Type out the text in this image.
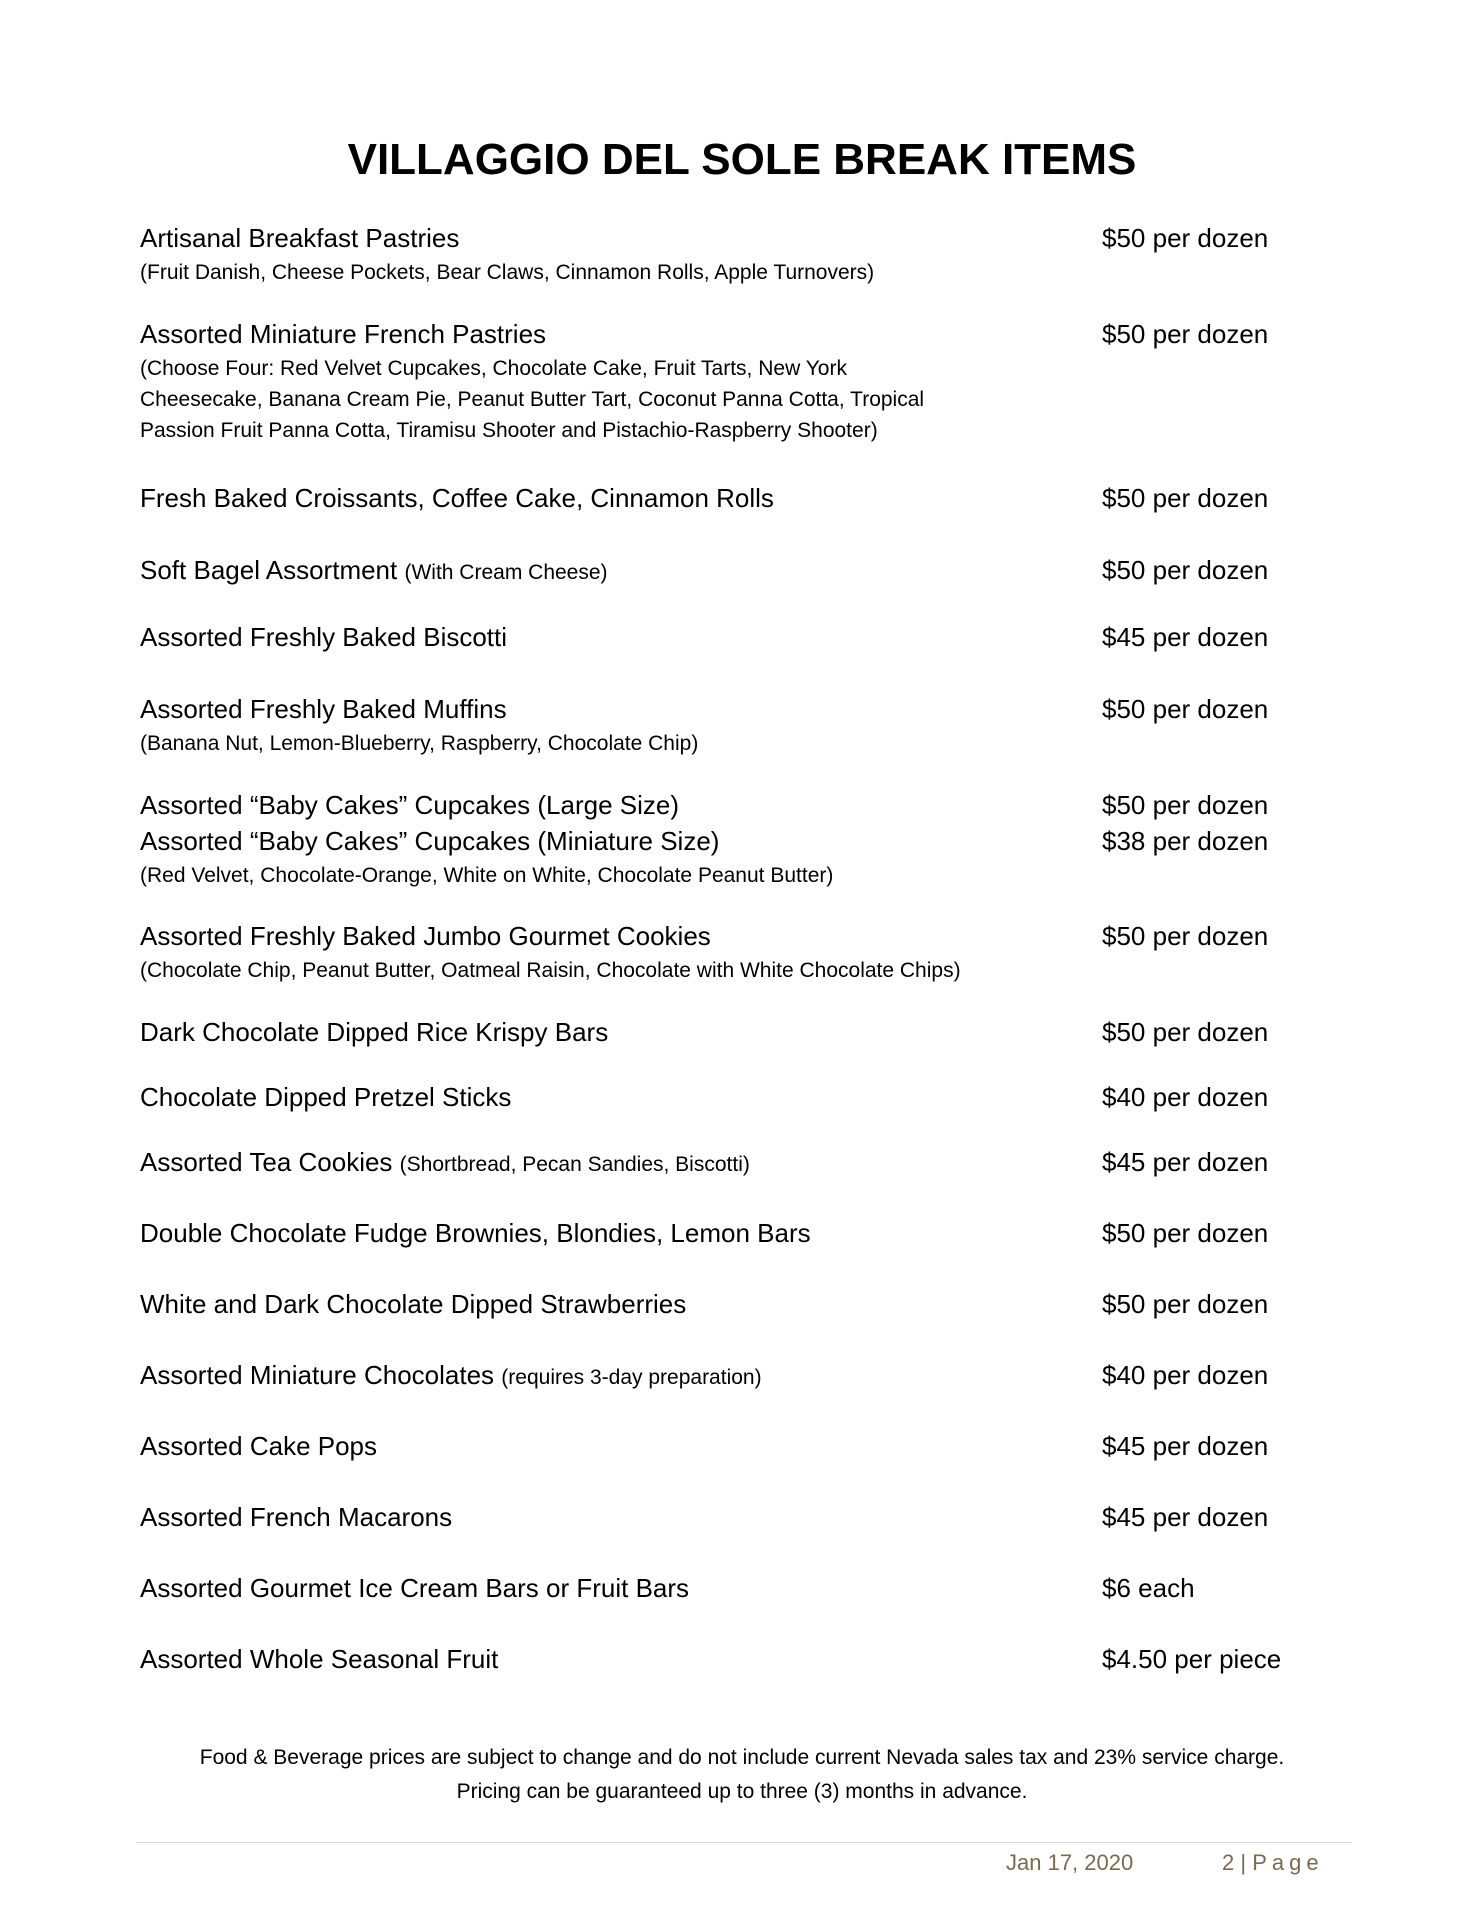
VILLAGGIO DEL SOLE BREAK ITEMS
Artisanal Breakfast Pastries	$50 per dozen
(Fruit Danish, Cheese Pockets, Bear Claws, Cinnamon Rolls, Apple Turnovers)
Assorted Miniature French Pastries	$50 per dozen
(Choose Four: Red Velvet Cupcakes, Chocolate Cake, Fruit Tarts, New York
Cheesecake, Banana Cream Pie, Peanut Butter Tart, Coconut Panna Cotta, Tropical
Passion Fruit Panna Cotta, Tiramisu Shooter and Pistachio-Raspberry Shooter)
Fresh Baked Croissants, Coffee Cake, Cinnamon Rolls	$50 per dozen
Soft Bagel Assortment (With Cream Cheese)	$50 per dozen
Assorted Freshly Baked Biscotti	$45 per dozen
Assorted Freshly Baked Muffins	$50 per dozen
(Banana Nut, Lemon-Blueberry, Raspberry, Chocolate Chip)
Assorted “Baby Cakes” Cupcakes (Large Size)	$50 per dozen
Assorted “Baby Cakes” Cupcakes (Miniature Size)	$38 per dozen
(Red Velvet, Chocolate-Orange, White on White, Chocolate Peanut Butter)
Assorted Freshly Baked Jumbo Gourmet Cookies	$50 per dozen
(Chocolate Chip, Peanut Butter, Oatmeal Raisin, Chocolate with White Chocolate Chips)
Dark Chocolate Dipped Rice Krispy Bars	$50 per dozen
Chocolate Dipped Pretzel Sticks	$40 per dozen
Assorted Tea Cookies (Shortbread, Pecan Sandies, Biscotti)	$45 per dozen
Double Chocolate Fudge Brownies, Blondies, Lemon Bars	$50 per dozen
White and Dark Chocolate Dipped Strawberries	$50 per dozen
Assorted Miniature Chocolates (requires 3-day preparation)	$40 per dozen
Assorted Cake Pops	$45 per dozen
Assorted French Macarons	$45 per dozen
Assorted Gourmet Ice Cream Bars or Fruit Bars	$6 each
Assorted Whole Seasonal Fruit	$4.50 per piece
Food & Beverage prices are subject to change and do not include current Nevada sales tax and 23% service charge.
Pricing can be guaranteed up to three (3) months in advance.
Jan 17, 2020	2 | Page
